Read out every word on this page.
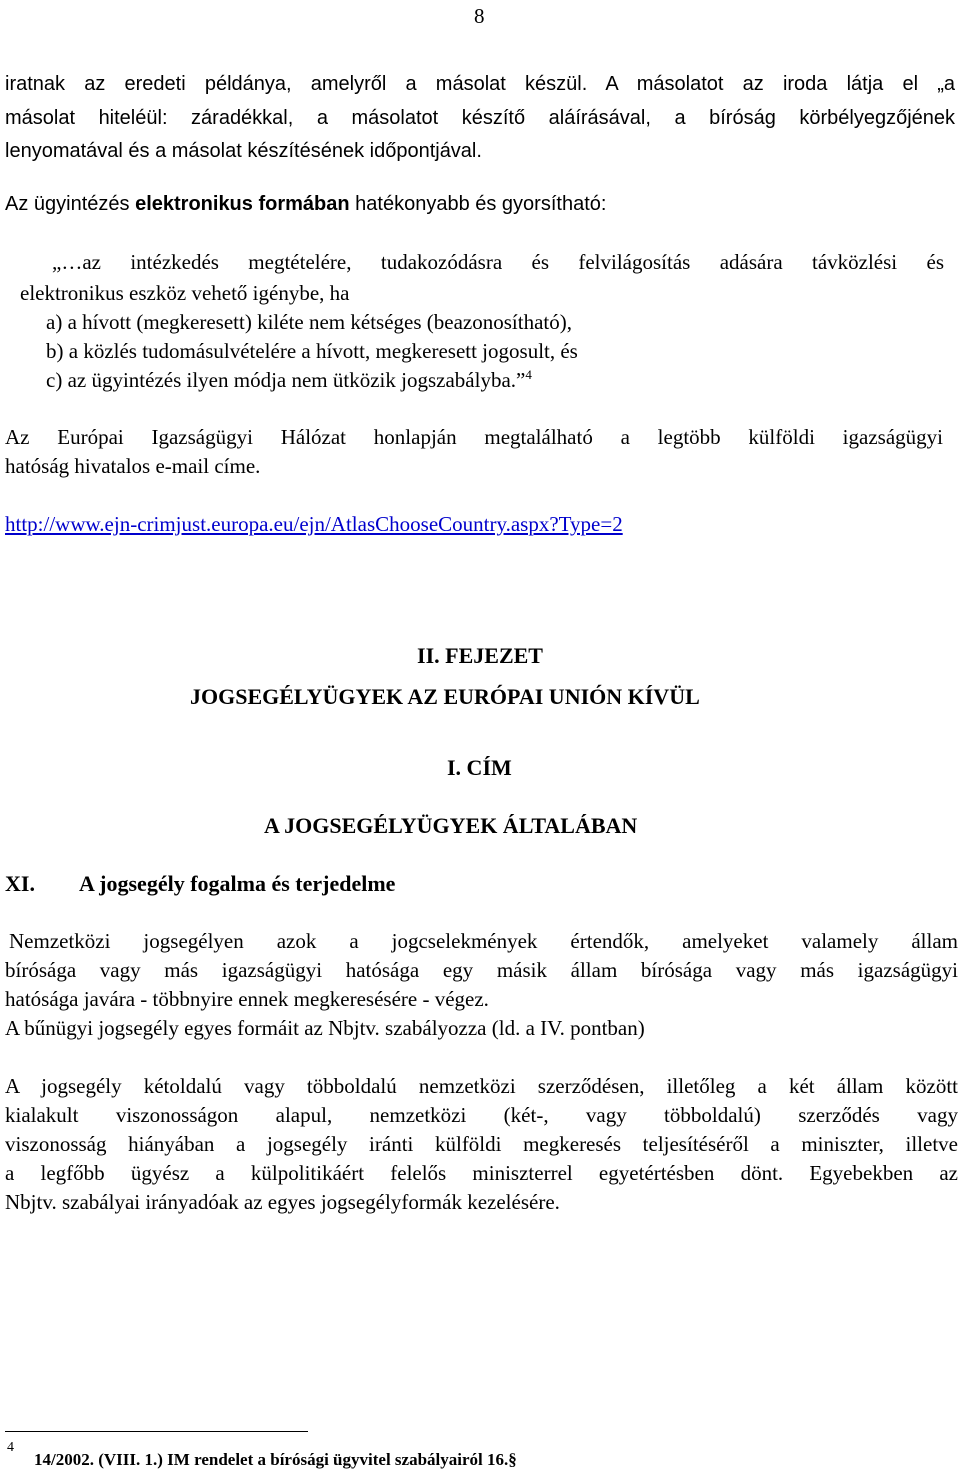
8
iratnak az eredeti példánya, amelyről a másolat készül. A másolatot az iroda látja el „a
másolat hiteléül: záradékkal, a másolatot készítő aláírásával, a bíróság körbélyegzőjének
lenyomatával és a másolat készítésének időpontjával.
Az ügyintézés elektronikus formában hatékonyabb és gyorsítható:
„…az intézkedés megtételére, tudakozódásra és felvilágosítás adására távközlési és
elektronikus eszköz vehető igénybe, ha
a) a hívott (megkeresett) kiléte nem kétséges (beazonosítható),
b) a közlés tudomásulvételére a hívott, megkeresett jogosult, és
c) az ügyintézés ilyen módja nem ütközik jogszabályba.”$^4$
Az Európai Igazságügyi Hálózat honlapján megtalálható a legtöbb külföldi igazságügyi
hatóság hivatalos e-mail címe.
http://www.ejn-crimjust.europa.eu/ejn/AtlasChooseCountry.aspx?Type=2
II. FEJEZET
JOGSEGÉLYÜGYEK AZ EURÓPAI UNIÓN KÍVÜL
I. CÍM
A JOGSEGÉLYÜGYEK ÁLTALÁBAN
XI. A jogsegély fogalma és terjedelme
Nemzetközi jogsegélyen azok a jogcselekmények értendők, amelyeket valamely állam
bírósága vagy más igazságügyi hatósága egy másik állam bírósága vagy más igazságügyi
hatósága javára - többnyire ennek megkeresésére - végez.
A bűnügyi jogsegély egyes formáit az Nbjtv. szabályozza (ld. a IV. pontban)
A jogsegély kétoldalú vagy többoldalú nemzetközi szerződésen, illetőleg a két állam között
kialakult viszonosságon alapul, nemzetközi (két-, vagy többoldalú) szerződés vagy
viszonosság hiányában a jogsegély iránti külföldi megkeresés teljesítéséről a miniszter, illetve
a legfőbb ügyész a külpolitikáért felelős miniszterrel egyetértésben dönt. Egyebekben az
Nbjtv. szabályai irányadóak az egyes jogsegélyformák kezelésére.
4
14/2002. (VIII. 1.) IM rendelet a bírósági ügyvitel szabályairól 16.§
